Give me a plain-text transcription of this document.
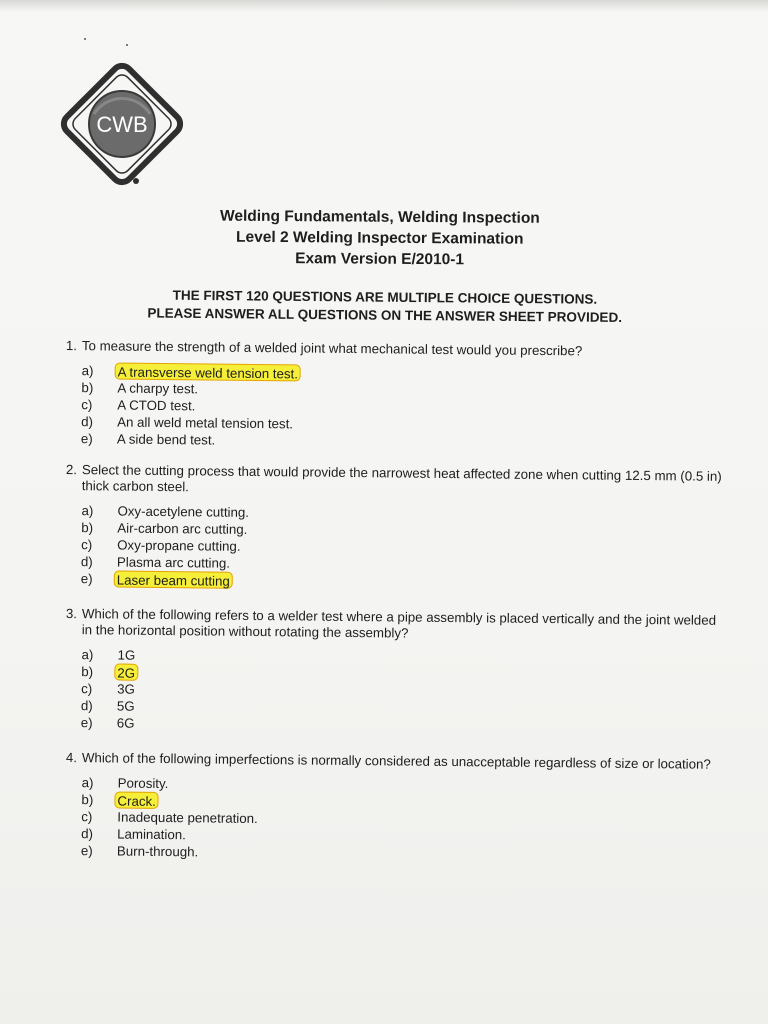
CWB
Welding Fundamentals, Welding Inspection
Level 2 Welding Inspector Examination
Exam Version E/2010-1
THE FIRST 120 QUESTIONS ARE MULTIPLE CHOICE QUESTIONS.
PLEASE ANSWER ALL QUESTIONS ON THE ANSWER SHEET PROVIDED.
1. To measure the strength of a welded joint what mechanical test would you prescribe?
a)	A transverse weld tension test.
b)	A charpy test.
c)	A CTOD test.
d)	An all weld metal tension test.
e)	A side bend test.
2. Select the cutting process that would provide the narrowest heat affected zone when cutting 12.5 mm (0.5 in) thick carbon steel.
a)	Oxy-acetylene cutting.
b)	Air-carbon arc cutting.
c)	Oxy-propane cutting.
d)	Plasma arc cutting.
e)	Laser beam cutting
3. Which of the following refers to a welder test where a pipe assembly is placed vertically and the joint welded in the horizontal position without rotating the assembly?
a)	1G
b)	2G
c)	3G
d)	5G
e)	6G
4. Which of the following imperfections is normally considered as unacceptable regardless of size or location?
a)	Porosity.
b)	Crack.
c)	Inadequate penetration.
d)	Lamination.
e)	Burn-through.
